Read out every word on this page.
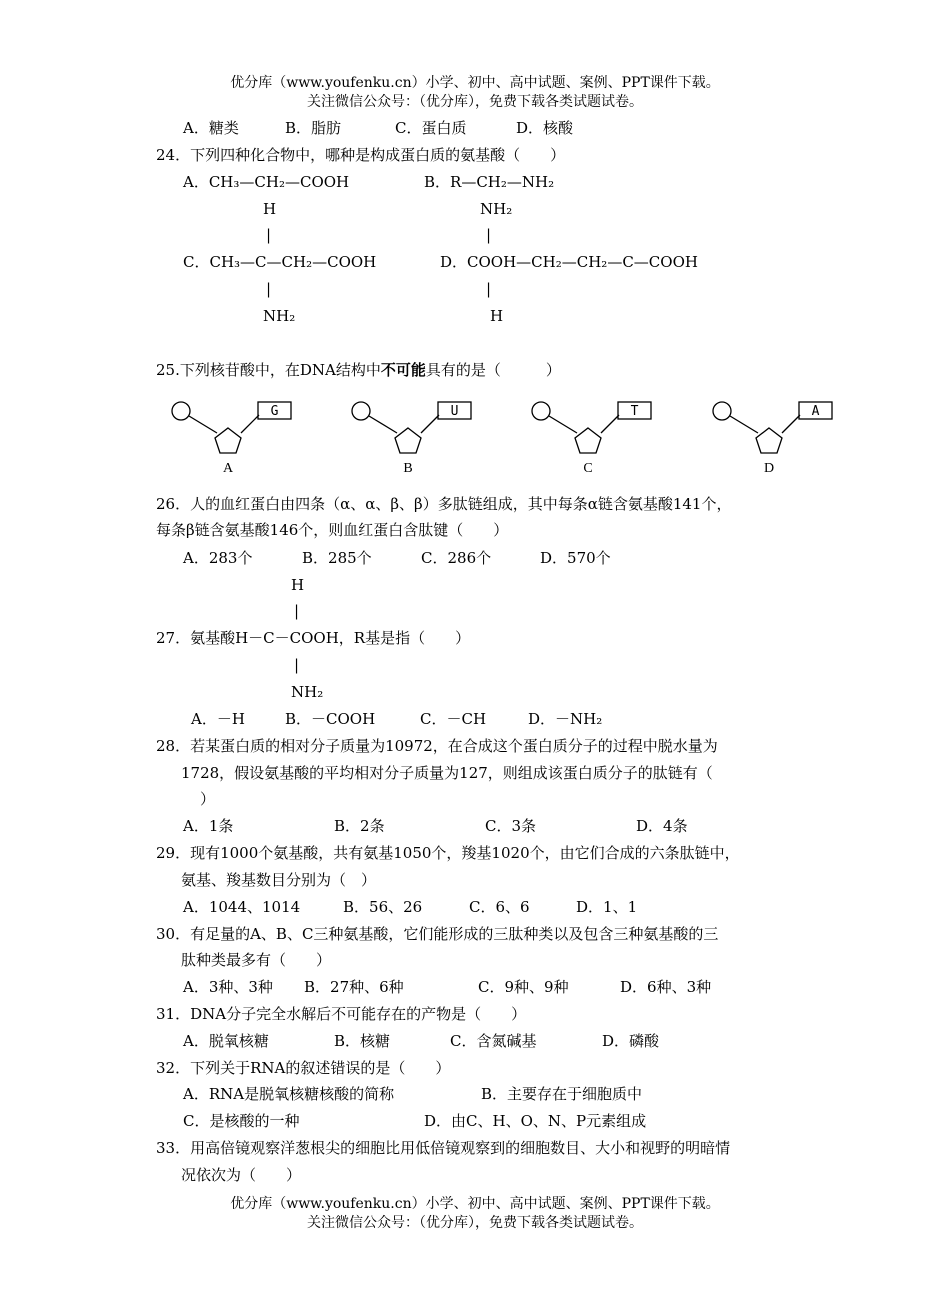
优分库（www.youfenku.cn）小学、初中、高中试题、案例、PPT课件下载。
关注微信公众号：（优分库），免费下载各类试题试卷。
A．糖类	B．脂肪	C．蛋白质	D．核酸
24．下列四种化合物中，哪种是构成蛋白质的氨基酸（　　）
A．CH₃—CH₂—COOH	B．R—CH₂—NH₂
H	NH₂
|	|
C．CH₃—C—CH₂—COOH	D．COOH—CH₂—CH₂—C—COOH
|	|
NH₂	H
25.下列核苷酸中，在DNA结构中不可能具有的是（　　　）
G
A
U
B
T
C
A
D
26．人的血红蛋白由四条（α、α、β、β）多肽链组成，其中每条α链含氨基酸141个，
每条β链含氨基酸146个，则血红蛋白含肽键（　　）
A．283个	B．285个	C．286个	D．570个
H
|
27．氨基酸H－C－COOH，R基是指（　　）
|
NH₂
A．－H	B．－COOH	C．－CH	D．－NH₂
28．若某蛋白质的相对分子质量为10972，在合成这个蛋白质分子的过程中脱水量为
1728，假设氨基酸的平均相对分子质量为127，则组成该蛋白质分子的肽链有（
）
A．1条	B．2条	C．3条	D．4条
29．现有1000个氨基酸，共有氨基1050个，羧基1020个，由它们合成的六条肽链中，
氨基、羧基数目分别为（　）
A．1044、1014	B．56、26	C．6、6	D．1、1
30．有足量的A、B、C三种氨基酸，它们能形成的三肽种类以及包含三种氨基酸的三
肽种类最多有（　　）
A．3种、3种 B．27种、6种	C．9种、9种	D．6种、3种
31．DNA分子完全水解后不可能存在的产物是（　　）
A．脱氧核糖	B．核糖	C．含氮碱基	D．磷酸
32．下列关于RNA的叙述错误的是（　　）
A．RNA是脱氧核糖核酸的简称	B．主要存在于细胞质中
C．是核酸的一种	D．由C、H、O、N、P元素组成
33．用高倍镜观察洋葱根尖的细胞比用低倍镜观察到的细胞数目、大小和视野的明暗情
况依次为（　　）
优分库（www.youfenku.cn）小学、初中、高中试题、案例、PPT课件下载。
关注微信公众号：（优分库），免费下载各类试题试卷。
